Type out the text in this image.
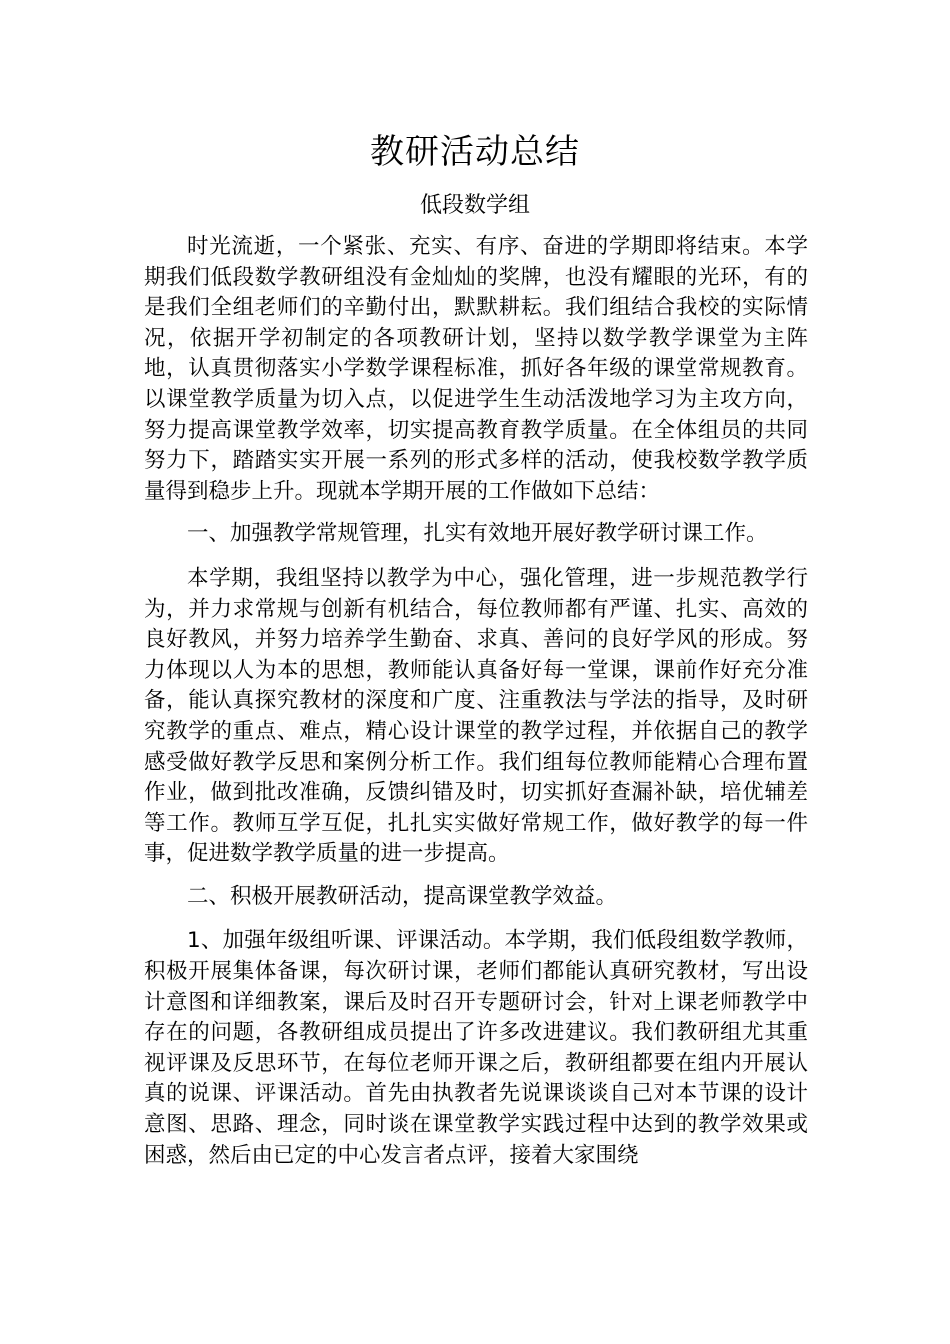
教研活动总结
低段数学组

时光流逝，一个紧张、充实、有序、奋进的学期即将结束。本学期我们低段数学教研组没有金灿灿的奖牌，也没有耀眼的光环，有的是我们全组老师们的辛勤付出，默默耕耘。我们组结合我校的实际情况，依据开学初制定的各项教研计划，坚持以数学教学课堂为主阵地，认真贯彻落实小学数学课程标准，抓好各年级的课堂常规教育。以课堂教学质量为切入点，以促进学生生动活泼地学习为主攻方向，努力提高课堂教学效率，切实提高教育教学质量。在全体组员的共同努力下，踏踏实实开展一系列的形式多样的活动，使我校数学教学质量得到稳步上升。现就本学期开展的工作做如下总结：

一、加强教学常规管理，扎实有效地开展好教学研讨课工作。

本学期，我组坚持以教学为中心，强化管理，进一步规范教学行为，并力求常规与创新有机结合，每位教师都有严谨、扎实、高效的良好教风，并努力培养学生勤奋、求真、善问的良好学风的形成。努力体现以人为本的思想，教师能认真备好每一堂课，课前作好充分准备，能认真探究教材的深度和广度、注重教法与学法的指导，及时研究教学的重点、难点，精心设计课堂的教学过程，并依据自己的教学感受做好教学反思和案例分析工作。我们组每位教师能精心合理布置作业，做到批改准确，反馈纠错及时，切实抓好查漏补缺，培优辅差等工作。教师互学互促，扎扎实实做好常规工作，做好教学的每一件事，促进数学教学质量的进一步提高。

二、积极开展教研活动，提高课堂教学效益。

1、加强年级组听课、评课活动。本学期，我们低段组数学教师，积极开展集体备课，每次研讨课，老师们都能认真研究教材，写出设计意图和详细教案，课后及时召开专题研讨会，针对上课老师教学中存在的问题，各教研组成员提出了许多改进建议。我们教研组尤其重视评课及反思环节，在每位老师开课之后，教研组都要在组内开展认真的说课、评课活动。首先由执教者先说课谈谈自己对本节课的设计意图、思路、理念，同时谈在课堂教学实践过程中达到的教学效果或困惑，然后由已定的中心发言者点评，接着大家围绕
